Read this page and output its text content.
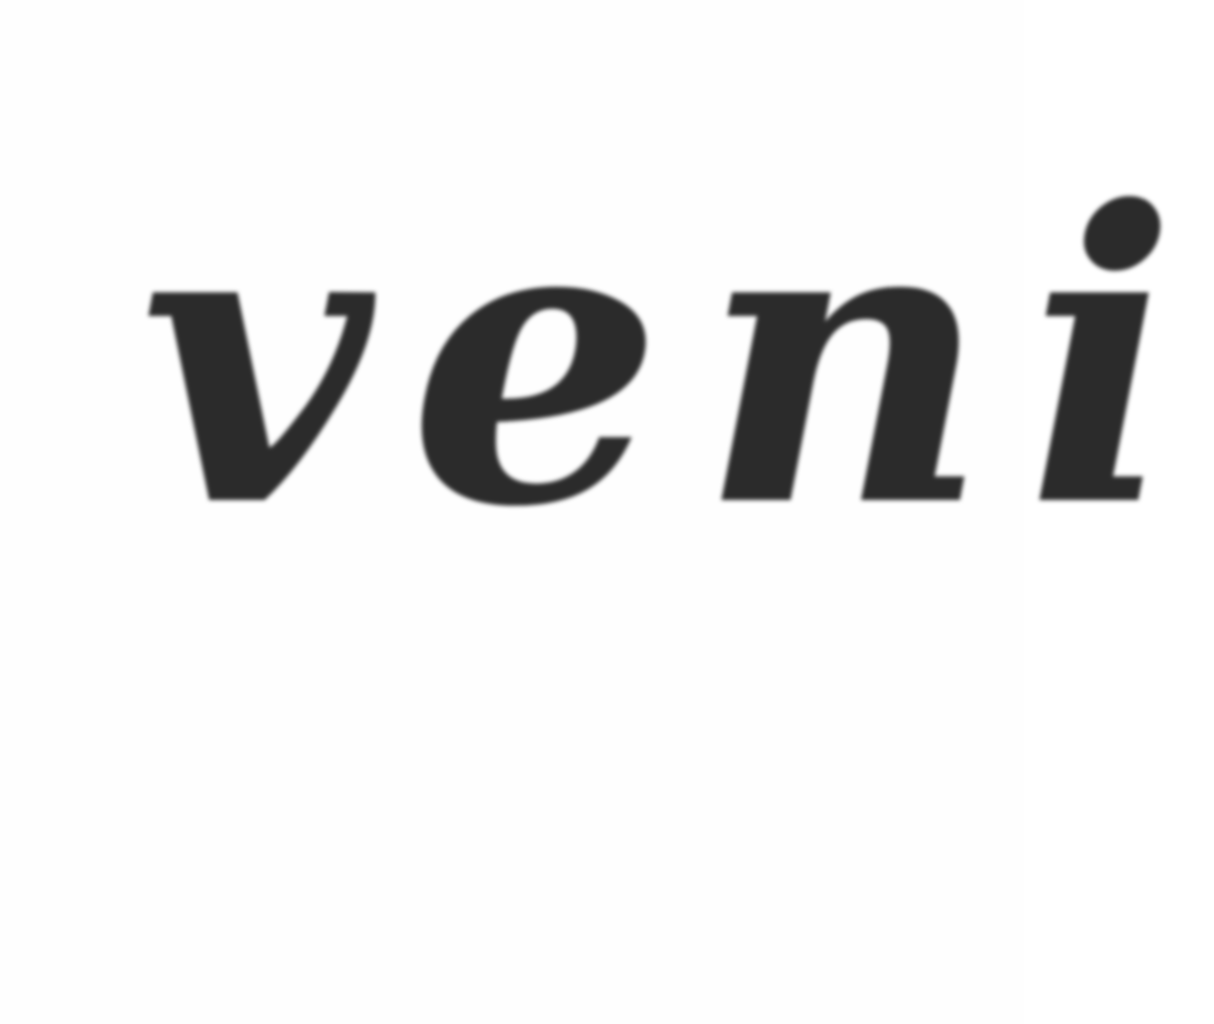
veni
